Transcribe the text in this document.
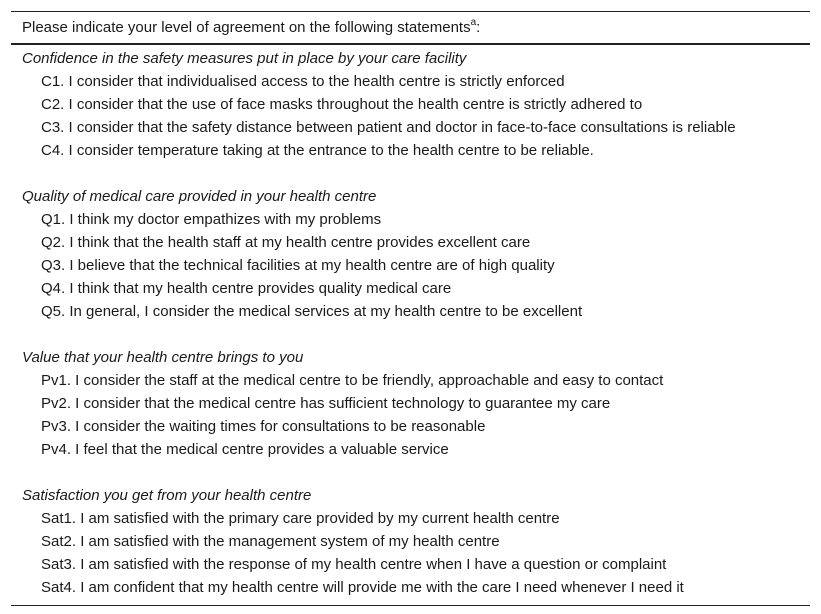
Please indicate your level of agreement on the following statements$^a$:
Confidence in the safety measures put in place by your care facility
C1. I consider that individualised access to the health centre is strictly enforced
C2. I consider that the use of face masks throughout the health centre is strictly adhered to
C3. I consider that the safety distance between patient and doctor in face-to-face consultations is reliable
C4. I consider temperature taking at the entrance to the health centre to be reliable.
Quality of medical care provided in your health centre
Q1. I think my doctor empathizes with my problems
Q2. I think that the health staff at my health centre provides excellent care
Q3. I believe that the technical facilities at my health centre are of high quality
Q4. I think that my health centre provides quality medical care
Q5. In general, I consider the medical services at my health centre to be excellent
Value that your health centre brings to you
Pv1. I consider the staff at the medical centre to be friendly, approachable and easy to contact
Pv2. I consider that the medical centre has sufficient technology to guarantee my care
Pv3. I consider the waiting times for consultations to be reasonable
Pv4. I feel that the medical centre provides a valuable service
Satisfaction you get from your health centre
Sat1. I am satisfied with the primary care provided by my current health centre
Sat2. I am satisfied with the management system of my health centre
Sat3. I am satisfied with the response of my health centre when I have a question or complaint
Sat4. I am confident that my health centre will provide me with the care I need whenever I need it
